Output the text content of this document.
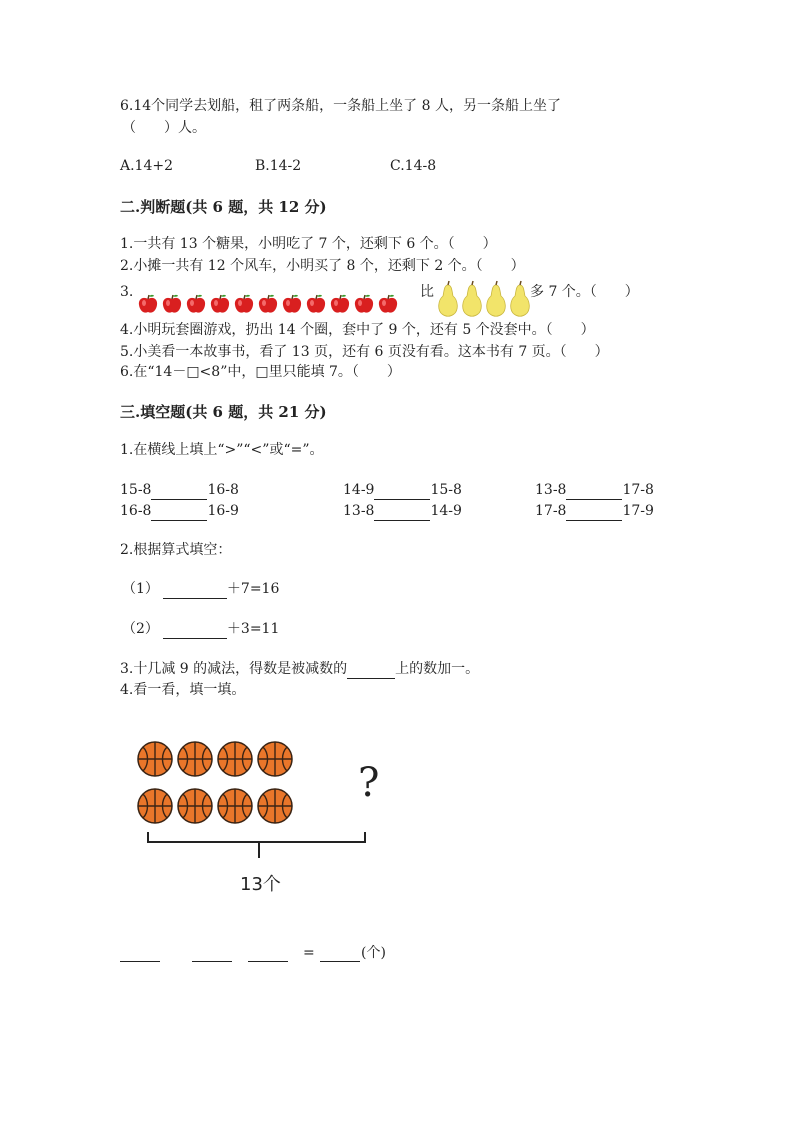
6.14个同学去划船，租了两条船，一条船上坐了 8 人，另一条船上坐了
（　　）人。
A.14+2	B.14-2	C.14-8
二.判断题(共 6 题，共 12 分)
1.一共有 13 个糖果，小明吃了 7 个，还剩下 6 个。（　　）
2.小摊一共有 12 个风车，小明买了 8 个，还剩下 2 个。（　　）
3.	比	多 7 个。（　　）
4.小明玩套圈游戏，扔出 14 个圈，套中了 9 个，还有 5 个没套中。（　　）
5.小美看一本故事书，看了 13 页，还有 6 页没有看。这本书有 7 页。（　　）
6.在“14－□<8”中，□里只能填 7。（　　）
三.填空题(共 6 题，共 21 分)
1.在横线上填上“>”“<”或“=”。
15-8	16-8	14-9	15-8	13-8	17-8
16-8	16-9	13-8	14-9	17-8	17-9
2.根据算式填空：
（1）	＋7=16
（2）	＋3=11
3.十几减 9 的减法，得数是被减数的	上的数加一。
4.看一看，填一填。
?
13个
=	(个)
